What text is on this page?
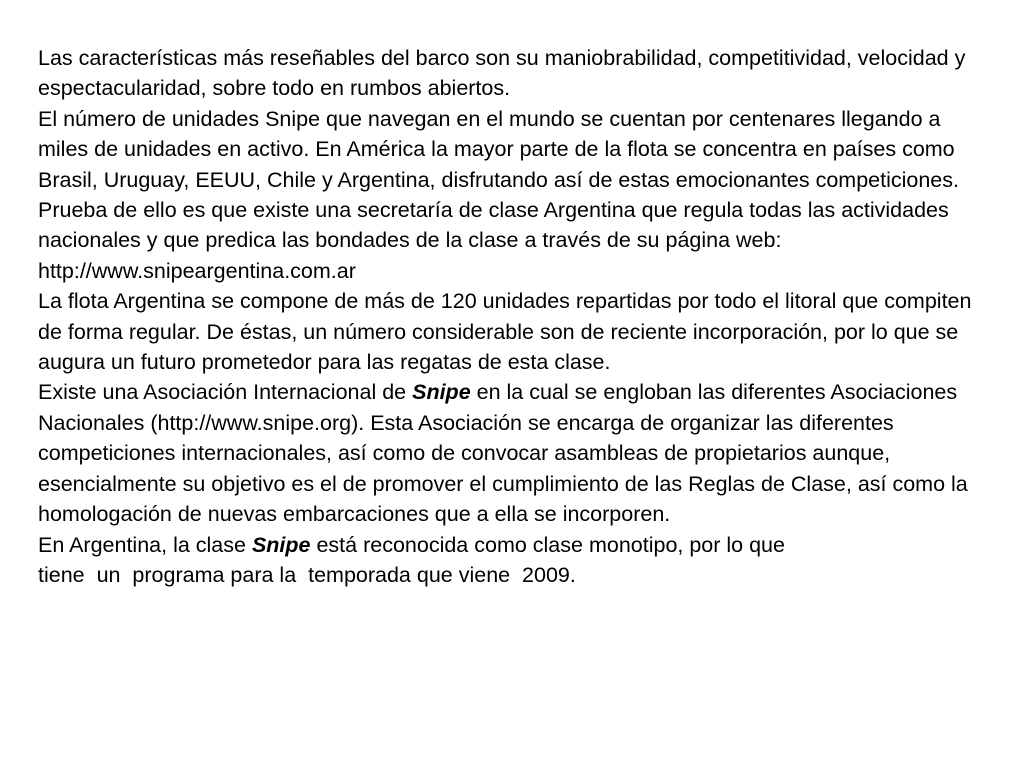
Las características más reseñables del barco son su maniobrabilidad, competitividad, velocidad y espectacularidad, sobre todo en rumbos abiertos.

El número de unidades Snipe que navegan en el mundo se cuentan por centenares llegando a miles de unidades en activo. En América la mayor parte de la flota se concentra en países como Brasil, Uruguay, EEUU, Chile y Argentina, disfrutando así de estas emocionantes competiciones. Prueba de ello es que existe una secretaría de clase Argentina que regula todas las actividades nacionales y que predica las bondades de la clase a través de su página web:
http://www.snipeargentina.com.ar

La flota Argentina se compone de más de 120 unidades repartidas por todo el litoral que compiten de forma regular. De éstas, un número considerable son de reciente incorporación, por lo que se augura un futuro prometedor para las regatas de esta clase.

Existe una Asociación Internacional de Snipe en la cual se engloban las diferentes Asociaciones Nacionales (http://www.snipe.org). Esta Asociación se encarga de organizar las diferentes competiciones internacionales, así como de convocar asambleas de propietarios aunque, esencialmente su objetivo es el de promover el cumplimiento de las Reglas de Clase, así como la homologación de nuevas embarcaciones que a ella se incorporen.

En Argentina, la clase Snipe está reconocida como clase monotipo, por lo que
tiene  un  programa para la  temporada que viene  2009.
